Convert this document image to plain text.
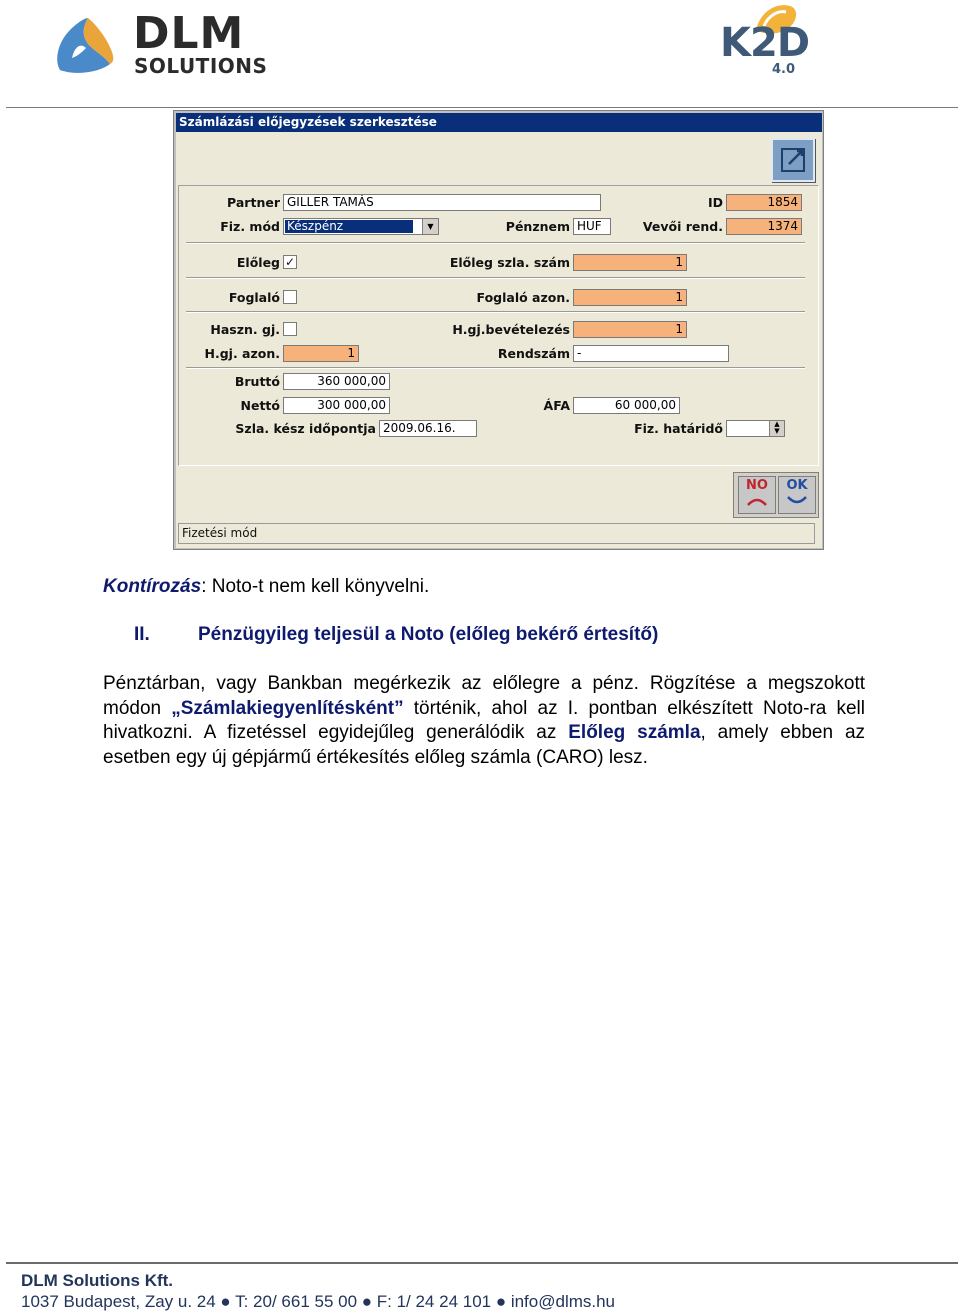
DLM
SOLUTIONS	K2D
4.0
Számlázási előjegyzések szerkesztése
Partner GILLER TAMÁS	ID	1854
Fiz. mód Készpénz	▼	Pénznem HUF	Vevői rend.	1374
Előleg ✓	Előleg szla. szám	1
Foglaló	Foglaló azon.	1
Haszn. gj.	H.gj.bevételezés	1
H.gj. azon.	1	Rendszám -
Bruttó	360 000,00
Nettó	300 000,00	ÁFA	60 000,00
Szla. kész időpontja 2009.06.16.	Fiz. határidő	▲
▼
NO	OK
Fizetési mód
Kontírozás: Noto-t nem kell könyvelni.
II.	Pénzügyileg teljesül a Noto (előleg bekérő értesítő)
Pénztárban, vagy Bankban megérkezik az előlegre a pénz. Rögzítése a megszokott módon „Számlakiegyenlítésként” történik, ahol az I. pontban elkészített Noto-ra kell hivatkozni. A fizetéssel egyidejűleg generálódik az Előleg számla, amely ebben az esetben egy új gépjármű értékesítés előleg számla (CARO) lesz.
DLM Solutions Kft.
1037 Budapest, Zay u. 24 ● T: 20/ 661 55 00 ● F: 1/ 24 24 101 ● info@dlms.hu
